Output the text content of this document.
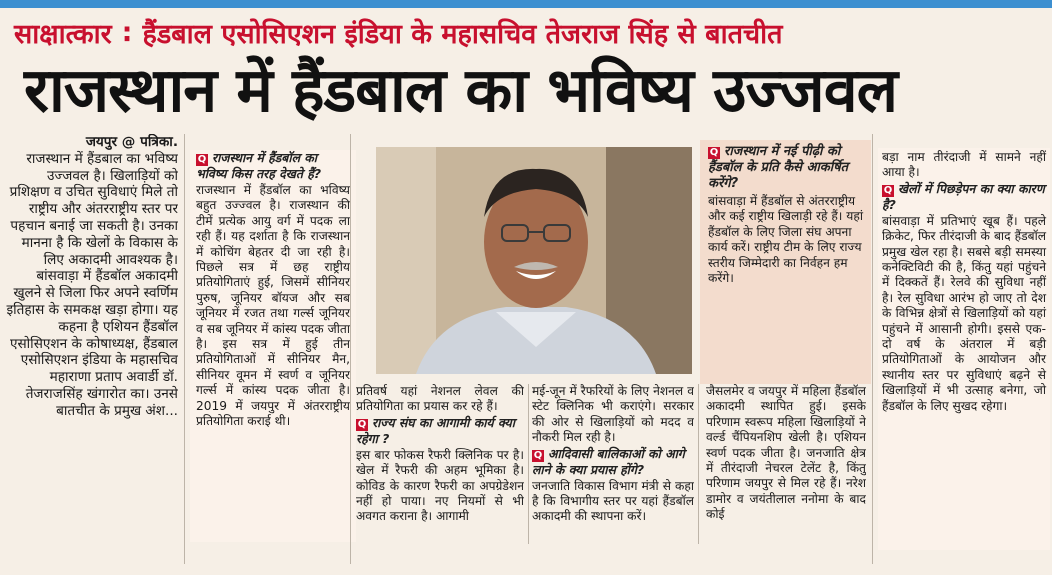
साक्षात्कार : हैंडबाल एसोसिएशन इंडिया के महासचिव तेजराज सिंह से बातचीत
राजस्थान में हैंडबाल का भविष्य उज्जवल

जयपुर @ पत्रिका.

राजस्थान में हैंडबाल का भविष्य उज्जवल है। खिलाड़ियों को प्रशिक्षण व उचित सुविधाएं मिले तो राष्ट्रीय और अंतरराष्ट्रीय स्तर पर पहचान बनाई जा सकती है। उनका मानना है कि खेलों के विकास के लिए अकादमी आवश्यक है। बांसवाड़ा में हैंडबॉल अकादमी खुलने से जिला फिर अपने स्वर्णिम इतिहास के समकक्ष खड़ा होगा। यह कहना है एशियन हैंडबॉल एसोसिएशन के कोषाध्यक्ष, हैंडबाल एसोसिएशन इंडिया के महासचिव महाराणा प्रताप अवार्डी डॉ. तेजराजसिंह खंगारोत का। उनसे बातचीत के प्रमुख अंश...

Q राजस्थान में हैंडबॉल का भविष्य किस तरह देखते हैं?

राजस्थान में हैंडबॉल का भविष्य बहुत उज्ज्वल है। राजस्थान की टीमें प्रत्येक आयु वर्ग में पदक ला रही हैं। यह दर्शाता है कि राजस्थान में कोचिंग बेहतर दी जा रही है। पिछले सत्र में छह राष्ट्रीय प्रतियोगिताएं हुई, जिसमें सीनियर पुरुष, जूनियर बॉयज और सब जूनियर में रजत तथा गर्ल्स जूनियर व सब जूनियर में कांस्य पदक जीता है। इस सत्र में हुई तीन प्रतियोगिताओं में सीनियर मैन, सीनियर वूमन में स्वर्ण व जूनियर गर्ल्स में कांस्य पदक जीता है। 2019 में जयपुर में अंतरराष्ट्रीय प्रतियोगिता कराई थी।

प्रतिवर्ष यहां नेशनल लेवल की प्रतियोगिता का प्रयास कर रहे हैं।

Q राज्य संघ का आगामी कार्य क्या रहेगा ?

इस बार फोकस रैफरी क्लिनिक पर है। खेल में रैफरी की अहम भूमिका है। कोविड के कारण रैफरी का अपग्रेडेशन नहीं हो पाया। नए नियमों से भी अवगत कराना है। आगामी

मई-जून में रैफरियों के लिए नेशनल व स्टेट क्लिनिक भी कराएंगे। सरकार की ओर से खिलाड़ियों को मदद व नौकरी मिल रही है।

Q आदिवासी बालिकाओं को आगे लाने के क्या प्रयास होंगे?

जनजाति विकास विभाग मंत्री से कहा है कि विभागीय स्तर पर यहां हैंडबॉल अकादमी की स्थापना करें।

Q राजस्थान में नई पीढ़ी को हैंडबॉल के प्रति कैसे आकर्षित करेंगे?

बांसवाड़ा में हैंडबॉल से अंतरराष्ट्रीय और कई राष्ट्रीय खिलाड़ी रहे हैं। यहां हैंडबॉल के लिए जिला संघ अपना कार्य करें। राष्ट्रीय टीम के लिए राज्य स्तरीय जिम्मेदारी का निर्वहन हम करेंगे।

जैसलमेर व जयपुर में महिला हैंडबॉल अकादमी स्थापित हुई। इसके परिणाम स्वरूप महिला खिलाड़ियों ने वर्ल्ड चैंपियनशिप खेली है। एशियन स्वर्ण पदक जीता है। जनजाति क्षेत्र में तीरंदाजी नेचरल टेलेंट है, किंतु परिणाम जयपुर से मिल रहे हैं। नरेश डामोर व जयंतीलाल ननोमा के बाद कोई

बड़ा नाम तीरंदाजी में सामने नहीं आया है।

Q खेलों में पिछड़ेपन का क्या कारण है?

बांसवाड़ा में प्रतिभाएं खूब हैं। पहले क्रिकेट, फिर तीरंदाजी के बाद हैंडबॉल प्रमुख खेल रहा है। सबसे बड़ी समस्या कनेक्टिविटी की है, किंतु यहां पहुंचने में दिक्कतें हैं। रेलवे की सुविधा नहीं है। रेल सुविधा आरंभ हो जाए तो देश के विभिन्न क्षेत्रों से खिलाड़ियों को यहां पहुंचने में आसानी होगी। इससे एक-दो वर्ष के अंतराल में बड़ी प्रतियोगिताओं के आयोजन और स्थानीय स्तर पर सुविधाएं बढ़ने से खिलाड़ियों में भी उत्साह बनेगा, जो हैंडबॉल के लिए सुखद रहेगा।
